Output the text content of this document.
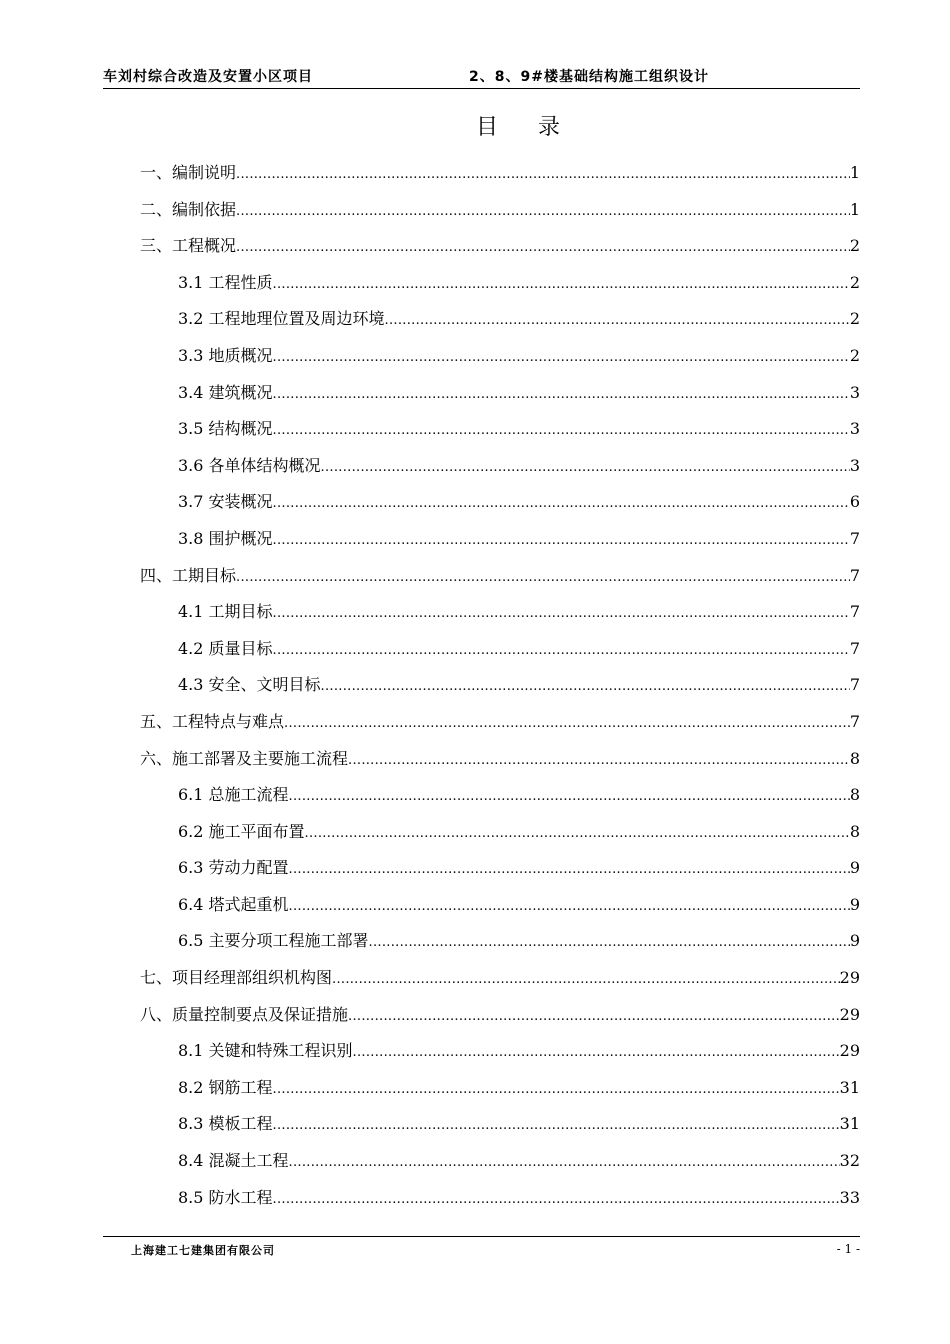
车刘村综合改造及安置小区项目	2、8、9#楼基础结构施工组织设计
目录
一、编制说明 .....	1
二、编制依据 .....	1
三、工程概况 .....	2
3.1 工程性质 .....	2
3.2 工程地理位置及周边环境 .....	2
3.3 地质概况 .....	2
3.4 建筑概况 .....	3
3.5 结构概况 .....	3
3.6 各单体结构概况 .....	3
3.7 安装概况 .....	6
3.8 围护概况 .....	7
四、工期目标 .....	7
4.1 工期目标 .....	7
4.2 质量目标 .....	7
4.3 安全、文明目标 .....	7
五、工程特点与难点 .....	7
六、施工部署及主要施工流程 .....	8
6.1 总施工流程 .....	8
6.2 施工平面布置 .....	8
6.3 劳动力配置 .....	9
6.4 塔式起重机 .....	9
6.5 主要分项工程施工部署 .....	9
七、项目经理部组织机构图 .....	29
八、质量控制要点及保证措施 .....	29
8.1 关键和特殊工程识别 .....	29
8.2 钢筋工程 .....	31
8.3 模板工程 .....	31
8.4 混凝土工程 .....	32
8.5 防水工程 .....	33
上海建工七建集团有限公司	- 1 -
